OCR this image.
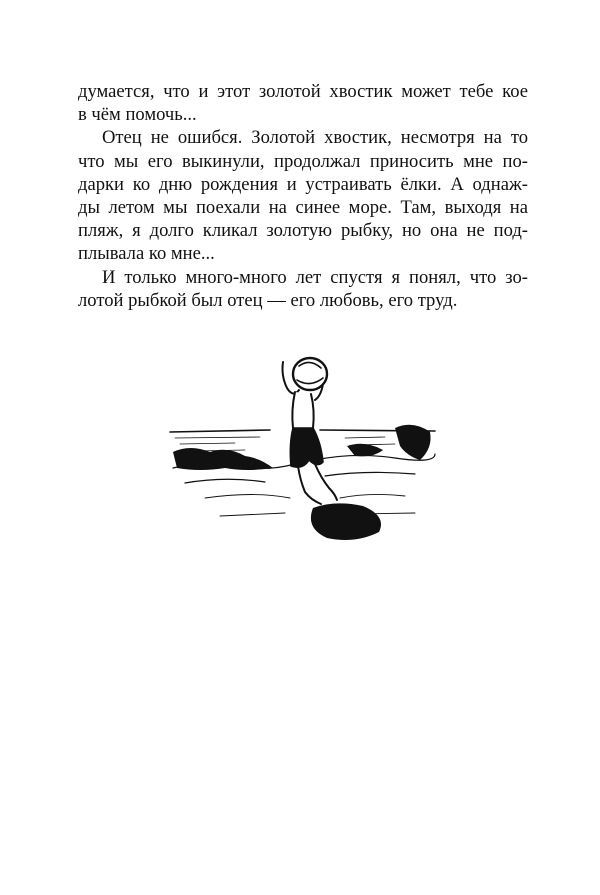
думается, что и этот золотой хвостик может тебе кое
в чём помочь...
Отец не ошибся. Золотой хвостик, несмотря на то
что мы его выкинули, продолжал приносить мне по-
дарки ко дню рождения и устраивать ёлки. А однаж-
ды летом мы поехали на синее море. Там, выходя на
пляж, я долго кликал золотую рыбку, но она не под-
плывала ко мне...
И только много-много лет спустя я понял, что зо-
лотой рыбкой был отец — его любовь, его труд.
